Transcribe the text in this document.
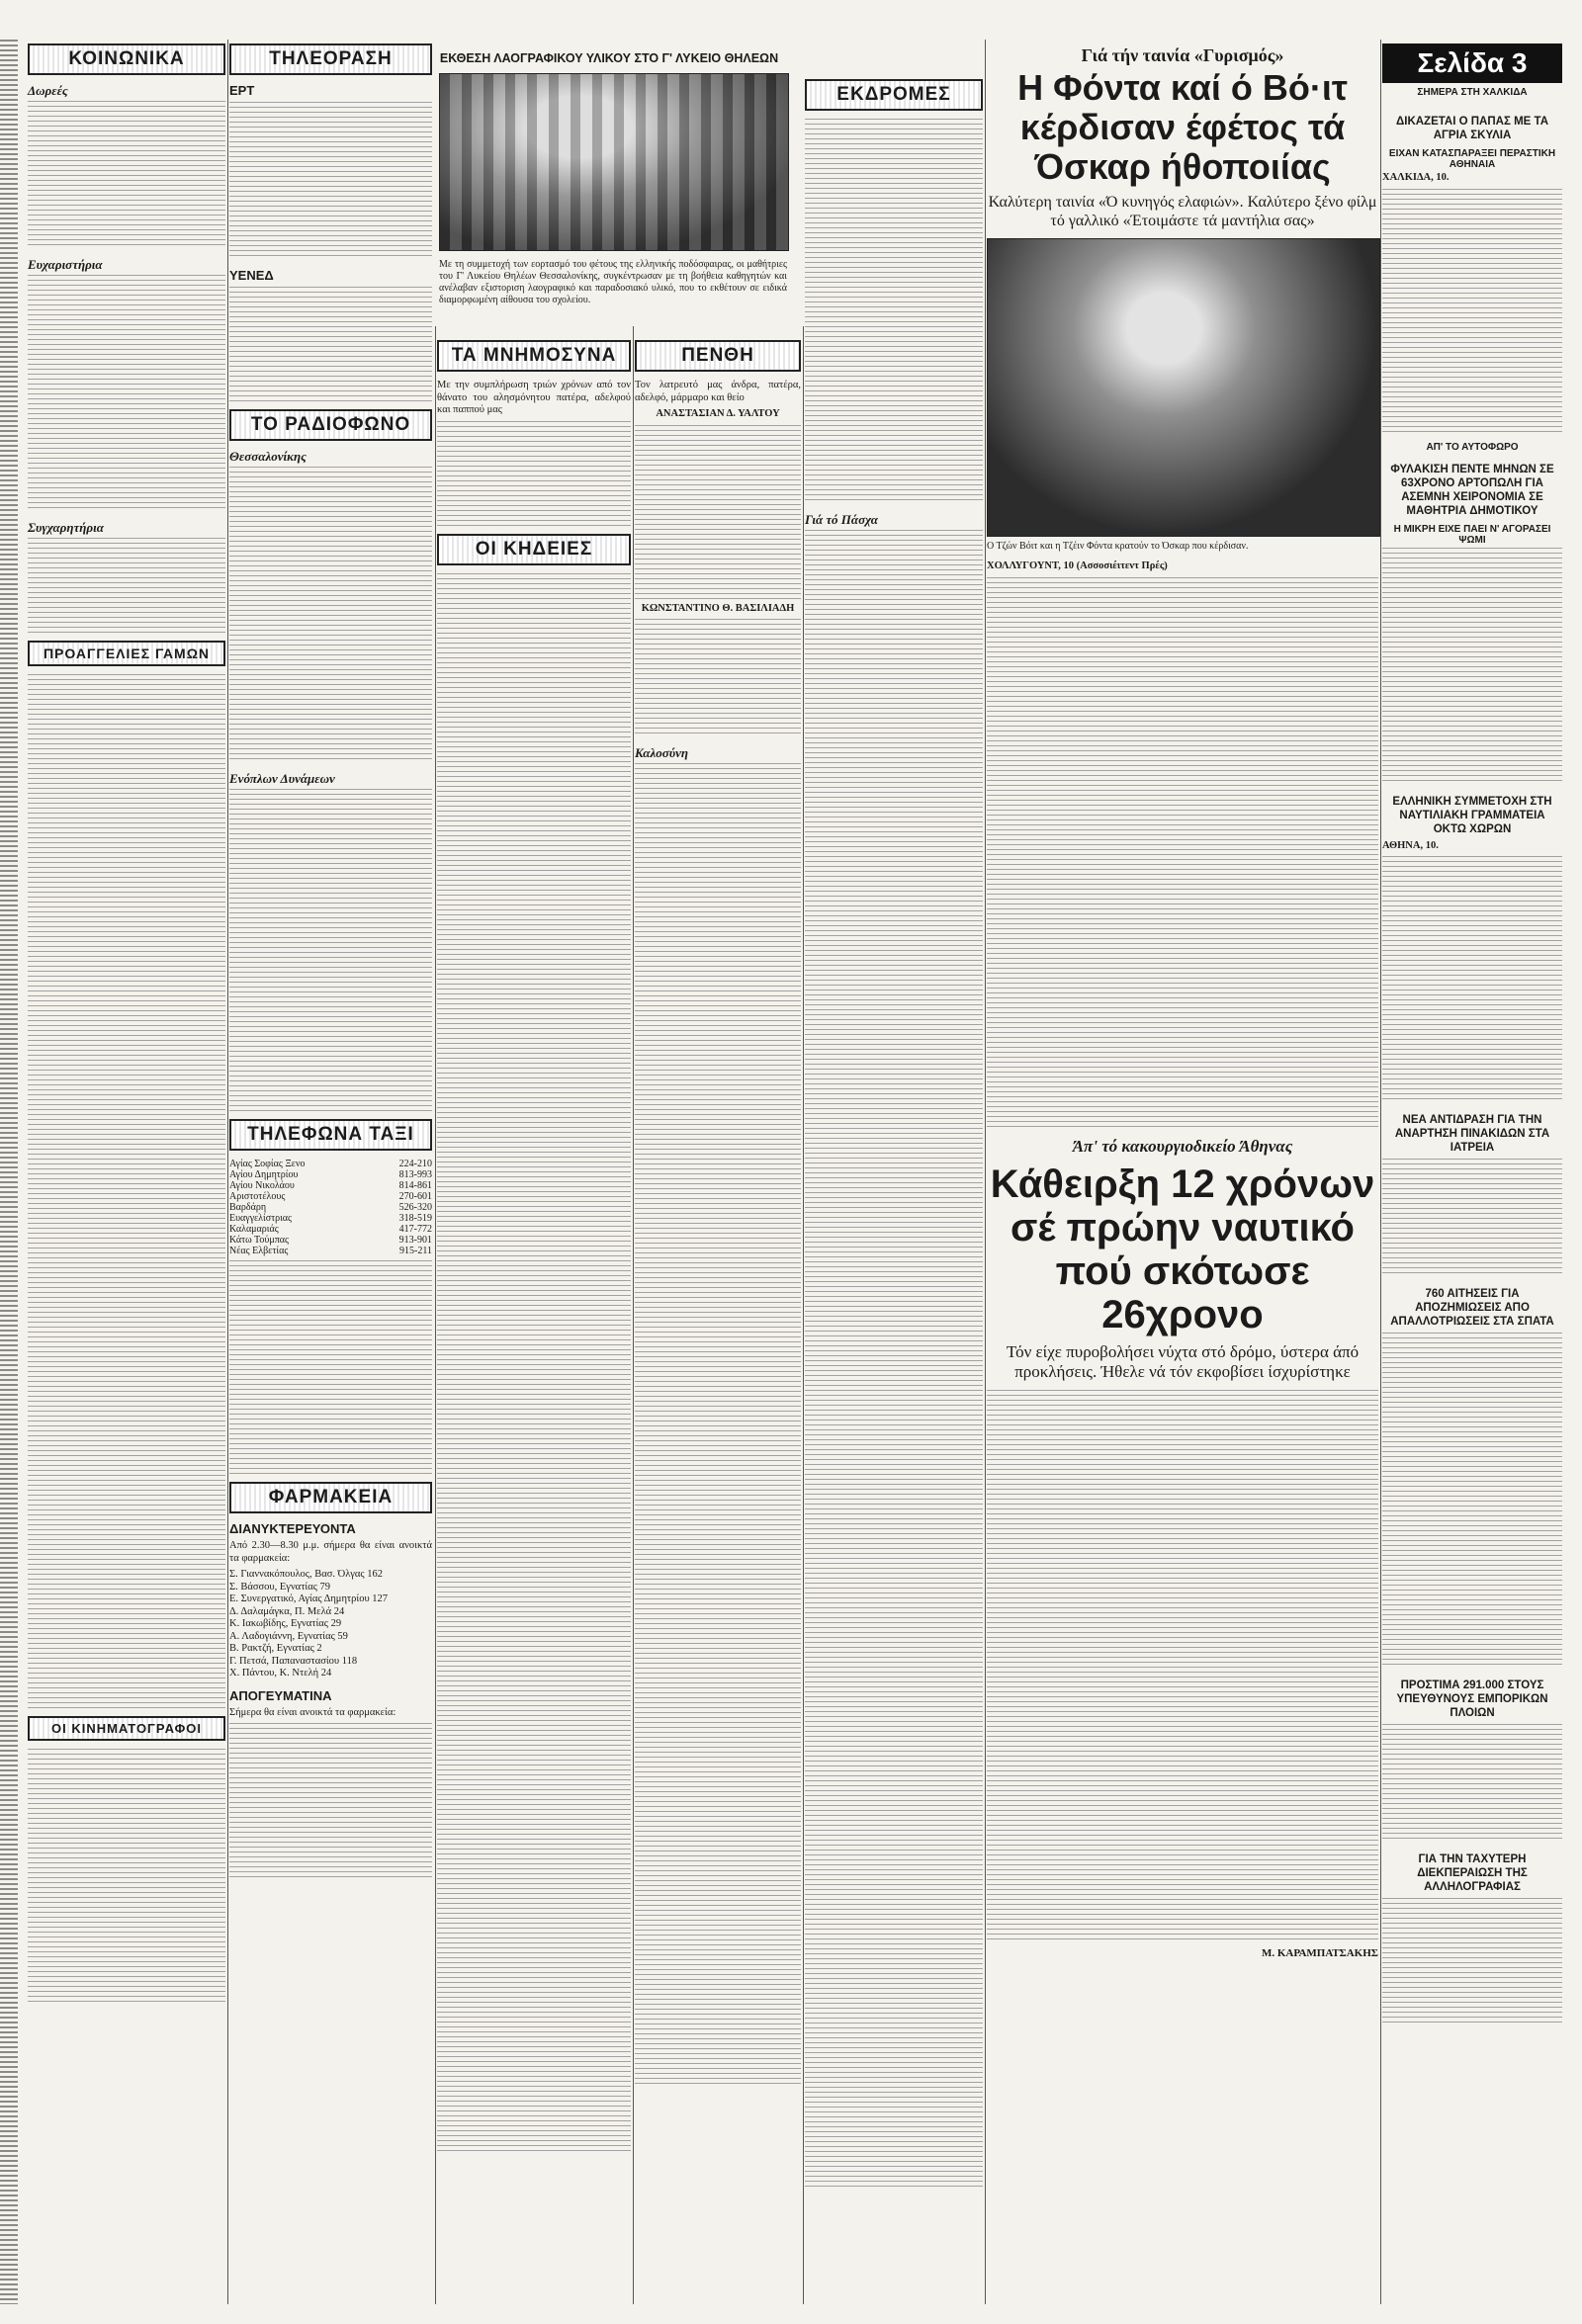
Σελίδα 3
ΣΗΜΕΡΑ ΣΤΗ ΧΑΛΚΙΔΑ
ΚΟΙΝΩΝΙΚΑ
Δωρεές
Ευχαριστήρια
Συγχαρητήρια
ΠΡΟΑΓΓΕΛΙΕΣ ΓΑΜΩΝ
ΟΙ ΚΙΝΗΜΑΤΟΓΡΑΦΟΙ
ΤΗΛΕΟΡΑΣΗ
ΕΡΤ
ΥΕΝΕΔ
ΤΟ ΡΑΔΙΟΦΩΝΟ
Θεσσαλονίκης
Ενόπλων Δυνάμεων
ΤΗΛΕΦΩΝΑ ΤΑΞΙ
Αγίας Σοφίας Ξενο	224-210
Αγίου Δημητρίου	813-993
Αγίου Νικολάου	814-861
Αριστοτέλους	270-601
Βαρδάρη	526-320
Ευαγγελίστριας	318-519
Καλαμαριάς	417-772
Κάτω Τούμπας	913-901
Νέας Ελβετίας	915-211
ΦΑΡΜΑΚΕΙΑ
ΔΙΑΝΥΚΤΕΡΕΥΟΝΤΑ

Από 2.30—8.30 μ.μ. σήμερα θα είναι ανοικτά τα φαρμακεία:

Σ. Γιαννακόπουλος, Βασ. Όλγας 162

Σ. Βάσσου, Εγνατίας 79

Ε. Συνεργατικό, Αγίας Δημητρίου 127

Δ. Δαλαμάγκα, Π. Μελά 24

Κ. Ιακωβίδης, Εγνατίας 29

Α. Λαδογιάννη, Εγνατίας 59

Β. Ρακτζή, Εγνατίας 2

Γ. Πετσά, Παπαναστασίου 118

Χ. Πάντου, Κ. Ντελή 24

ΑΠΟΓΕΥΜΑΤΙΝΑ

Σήμερα θα είναι ανοικτά τα φαρμακεία:

ΕΚΘΕΣΗ ΛΑΟΓΡΑΦΙΚΟΥ ΥΛΙΚΟΥ ΣΤΟ Γ' ΛΥΚΕΙΟ ΘΗΛΕΩΝ
Με τη συμμετοχή των εορτασμό του φέτους της ελληνικής ποδόσφαιρας, οι μαθήτριες του Γ' Λυκείου Θηλέων Θεσσαλονίκης, συγκέντρωσαν με τη βοήθεια καθηγητών και ανέλαβαν εξιστοριση λαογραφικό και παραδοσιακό υλικό, που το εκθέτουν σε ειδικά διαμορφωμένη αίθουσα του σχολείου.
ΤΑ ΜΝΗΜΟΣΥΝΑ

Με την συμπλήρωση τριών χρόνων από τον θάνατο του αλησμόνητου πατέρα, αδελφού και παππού μας

ΟΙ ΚΗΔΕΙΕΣ
ΠΕΝΘΗ

Τον λατρευτό μας άνδρα, πατέρα, αδελφό, μάρμαρο και θείο

ΑΝΑΣΤΑΣΙΑΝ Δ. ΥΑΛΤΟΥ

ΚΩΝΣΤΑΝΤΙΝΟ Θ. ΒΑΣΙΛΙΑΔΗ

Καλοσύνη
ΕΚΔΡΟΜΕΣ
Γιά τό Πάσχα
Γιά τήν ταινία «Γυρισμός»
Η Φόντα καί ό Βό·ιτ κέρδισαν έφέτος τά Όσκαρ ήθοποιίας
Καλύτερη ταινία «Ό κυνηγός ελαφιών». Καλύτερο ξένο φίλμ τό γαλλικό «Έτοιμάστε τά μαντήλια σας»
Ο Τζών Βόιτ και η Τζέιν Φόντα κρατούν το Όσκαρ που κέρδισαν.

ΧΟΛΛΥΓΟΥΝΤ, 10 (Ασσοσιέιτεντ Πρές)

Άπ' τό κακουργιοδικείο Άθηνας
Κάθειρξη 12 χρόνων σέ πρώην ναυτικό πού σκότωσε 26χρονο
Τόν είχε πυροβολήσει νύχτα στό δρόμο, ύστερα άπό προκλήσεις. Ήθελε νά τόν εκφοβίσει ίσχυρίστηκε
Μ. ΚΑΡΑΜΠΑΤΣΑΚΗΣ
ΔΙΚΑΖΕΤΑΙ Ο ΠΑΠΑΣ ΜΕ ΤΑ ΑΓΡΙΑ ΣΚΥΛΙΑ
ΕΙΧΑΝ ΚΑΤΑΣΠΑΡΑΞΕΙ ΠΕΡΑΣΤΙΚΗ ΑΘΗΝΑΙΑ

ΧΑΛΚΙΔΑ, 10.

ΑΠ' ΤΟ ΑΥΤΟΦΩΡΟ
ΦΥΛΑΚΙΣΗ ΠΕΝΤΕ ΜΗΝΩΝ ΣΕ 63ΧΡΟΝΟ ΑΡΤΟΠΩΛΗ ΓΙΑ ΑΣΕΜΝΗ ΧΕΙΡΟΝΟΜΙΑ ΣΕ ΜΑΘΗΤΡΙΑ ΔΗΜΟΤΙΚΟΥ
Η ΜΙΚΡΗ ΕΙΧΕ ΠΑΕΙ Ν' ΑΓΟΡΑΣΕΙ ΨΩΜΙ
ΕΛΛΗΝΙΚΗ ΣΥΜΜΕΤΟΧΗ ΣΤΗ ΝΑΥΤΙΛΙΑΚΗ ΓΡΑΜΜΑΤΕΙΑ ΟΚΤΩ ΧΩΡΩΝ

ΑΘΗΝΑ, 10.

ΝΕΑ ΑΝΤΙΔΡΑΣΗ ΓΙΑ ΤΗΝ ΑΝΑΡΤΗΣΗ ΠΙΝΑΚΙΔΩΝ ΣΤΑ ΙΑΤΡΕΙΑ
760 ΑΙΤΗΣΕΙΣ ΓΙΑ ΑΠΟΖΗΜΙΩΣΕΙΣ ΑΠΟ ΑΠΑΛΛΟΤΡΙΩΣΕΙΣ ΣΤΑ ΣΠΑΤΑ
ΠΡΟΣΤΙΜΑ 291.000 ΣΤΟΥΣ ΥΠΕΥΘΥΝΟΥΣ ΕΜΠΟΡΙΚΩΝ ΠΛΟΙΩΝ
ΓΙΑ ΤΗΝ ΤΑΧΥΤΕΡΗ ΔΙΕΚΠΕΡΑΙΩΣΗ ΤΗΣ ΑΛΛΗΛΟΓΡΑΦΙΑΣ
